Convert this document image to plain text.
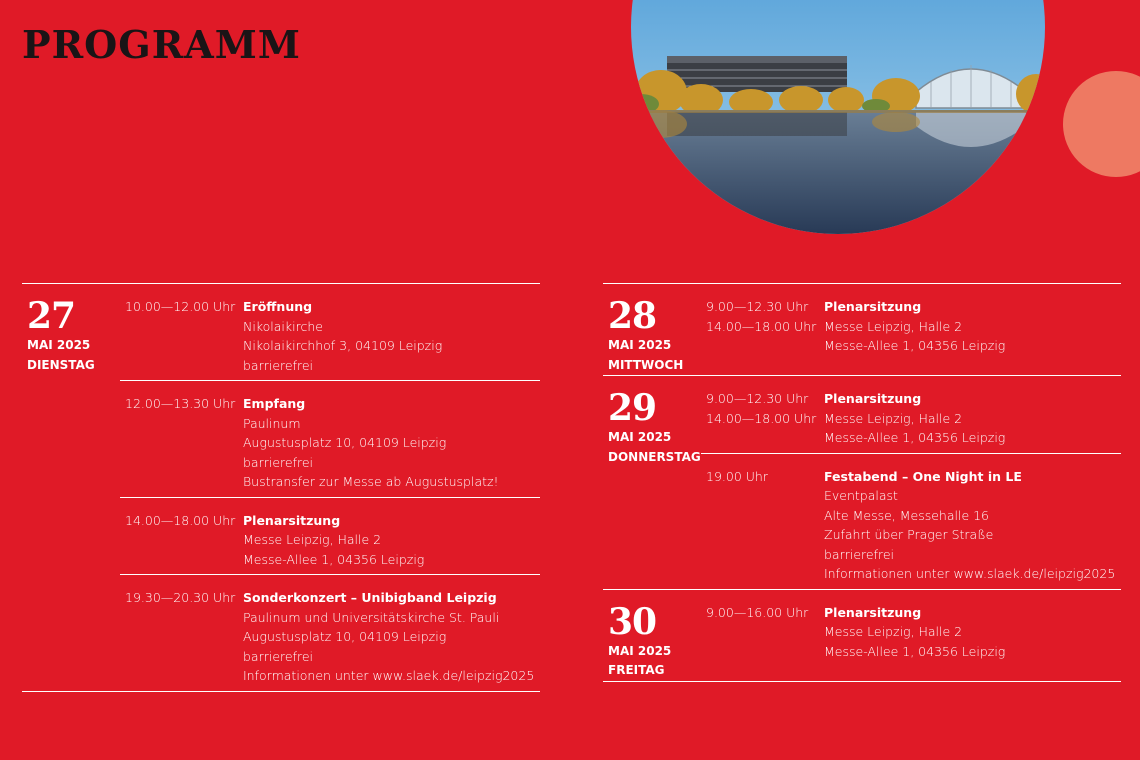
PROGRAMM
27
MAI 2025
DIENSTAG
10.00—12.00 Uhr Eröffnung
Nikolaikirche
Nikolaikirchhof 3, 04109 Leipzig
barrierefrei
12.00—13.30 Uhr Empfang
Paulinum
Augustusplatz 10, 04109 Leipzig
barrierefrei
Bustransfer zur Messe ab Augustusplatz!
14.00—18.00 Uhr Plenarsitzung
Messe Leipzig, Halle 2
Messe-Allee 1, 04356 Leipzig
19.30—20.30 Uhr Sonderkonzert – Unibigband Leipzig
Paulinum und Universitätskirche St. Pauli
Augustusplatz 10, 04109 Leipzig
barrierefrei
Informationen unter www.slaek.de/leipzig2025
28
MAI 2025
MITTWOCH
9.00—12.30 Uhr
14.00—18.00 Uhr
Plenarsitzung
Messe Leipzig, Halle 2
Messe-Allee 1, 04356 Leipzig
29
MAI 2025
DONNERSTAG
9.00—12.30 Uhr
14.00—18.00 Uhr
Plenarsitzung
Messe Leipzig, Halle 2
Messe-Allee 1, 04356 Leipzig
19.00 Uhr	Festabend – One Night in LE
Eventpalast
Alte Messe, Messehalle 16
Zufahrt über Prager Straße
barrierefrei
Informationen unter www.slaek.de/leipzig2025
30
MAI 2025
FREITAG
9.00—16.00 Uhr	Plenarsitzung
Messe Leipzig, Halle 2
Messe-Allee 1, 04356 Leipzig
